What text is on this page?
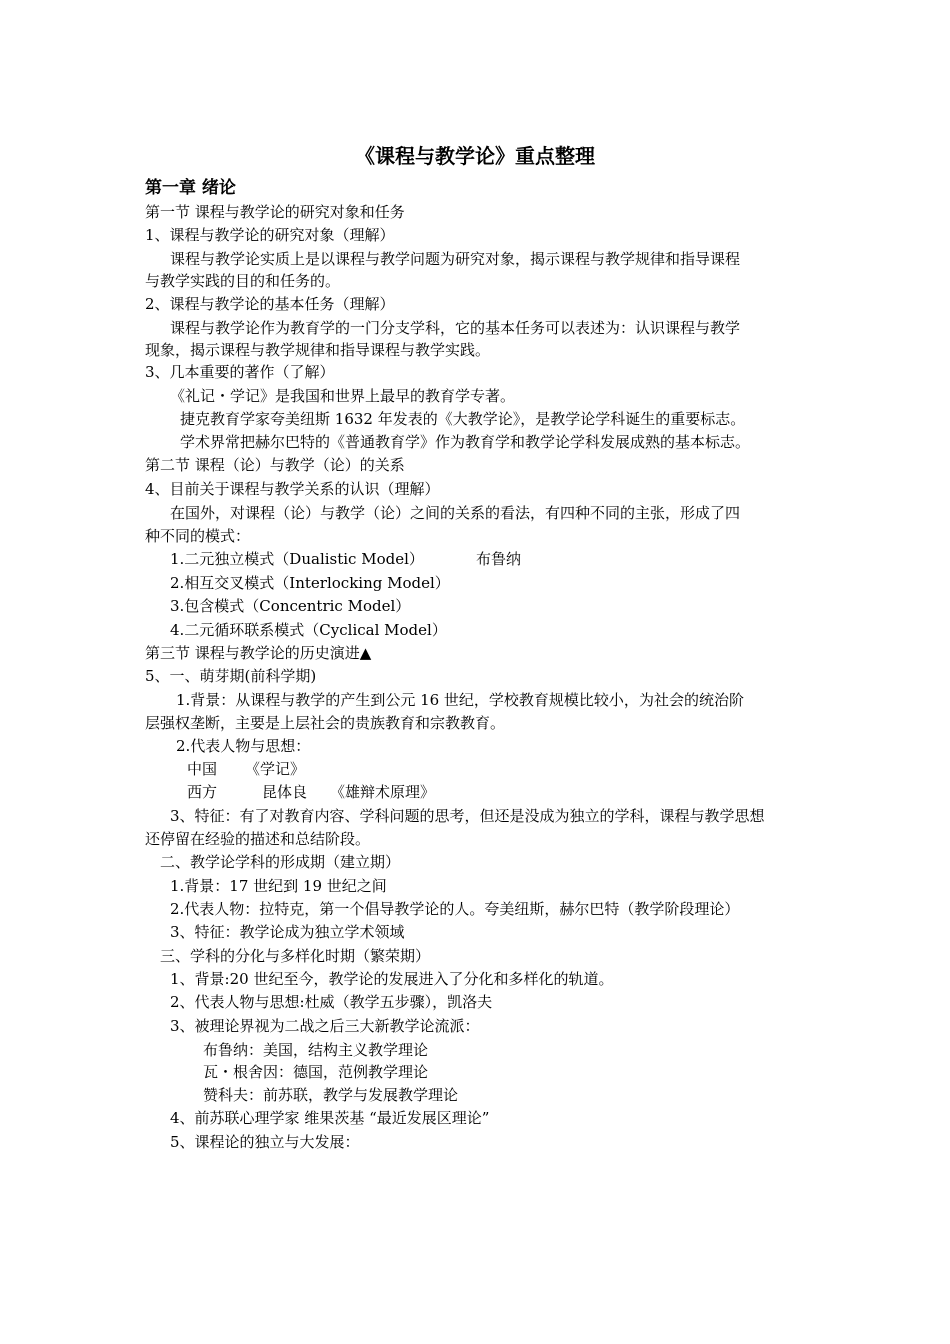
《课程与教学论》重点整理
第一章 绪论
第一节 课程与教学论的研究对象和任务
1、课程与教学论的研究对象（理解）
课程与教学论实质上是以课程与教学问题为研究对象，揭示课程与教学规律和指导课程
与教学实践的目的和任务的。
2、课程与教学论的基本任务（理解）
课程与教学论作为教育学的一门分支学科，它的基本任务可以表述为：认识课程与教学
现象，揭示课程与教学规律和指导课程与教学实践。
3、几本重要的著作（了解）
《礼记・学记》是我国和世界上最早的教育学专著。
捷克教育学家夸美纽斯 1632 年发表的《大教学论》，是教学论学科诞生的重要标志。
学术界常把赫尔巴特的《普通教育学》作为教育学和教学论学科发展成熟的基本标志。
第二节 课程（论）与教学（论）的关系
4、目前关于课程与教学关系的认识（理解）
在国外，对课程（论）与教学（论）之间的关系的看法，有四种不同的主张，形成了四
种不同的模式：
1.二元独立模式（Dualistic Model）	布鲁纳
2.相互交叉模式（Interlocking Model）
3.包含模式（Concentric Model）
4.二元循环联系模式（Cyclical Model）
第三节 课程与教学论的历史演进▲
5、一、萌芽期(前科学期)
1.背景：从课程与教学的产生到公元 16 世纪，学校教育规模比较小，为社会的统治阶
层强权垄断，主要是上层社会的贵族教育和宗教教育。
2.代表人物与思想：
中国 《学记》
西方	昆体良 《雄辩术原理》
3、特征：有了对教育内容、学科问题的思考，但还是没成为独立的学科，课程与教学思想
还停留在经验的描述和总结阶段。
二、教学论学科的形成期（建立期）
1.背景：17 世纪到 19 世纪之间
2.代表人物：拉特克，第一个倡导教学论的人。夸美纽斯，赫尔巴特（教学阶段理论）
3、特征：教学论成为独立学术领域
三、学科的分化与多样化时期（繁荣期）
1、背景:20 世纪至今，教学论的发展进入了分化和多样化的轨道。
2、代表人物与思想:杜威（教学五步骤），凯洛夫
3、被理论界视为二战之后三大新教学论流派：
布鲁纳：美国，结构主义教学理论
瓦・根舍因：德国，范例教学理论
赞科夫：前苏联，教学与发展教学理论
4、前苏联心理学家 维果茨基 “最近发展区理论”
5、课程论的独立与大发展：
